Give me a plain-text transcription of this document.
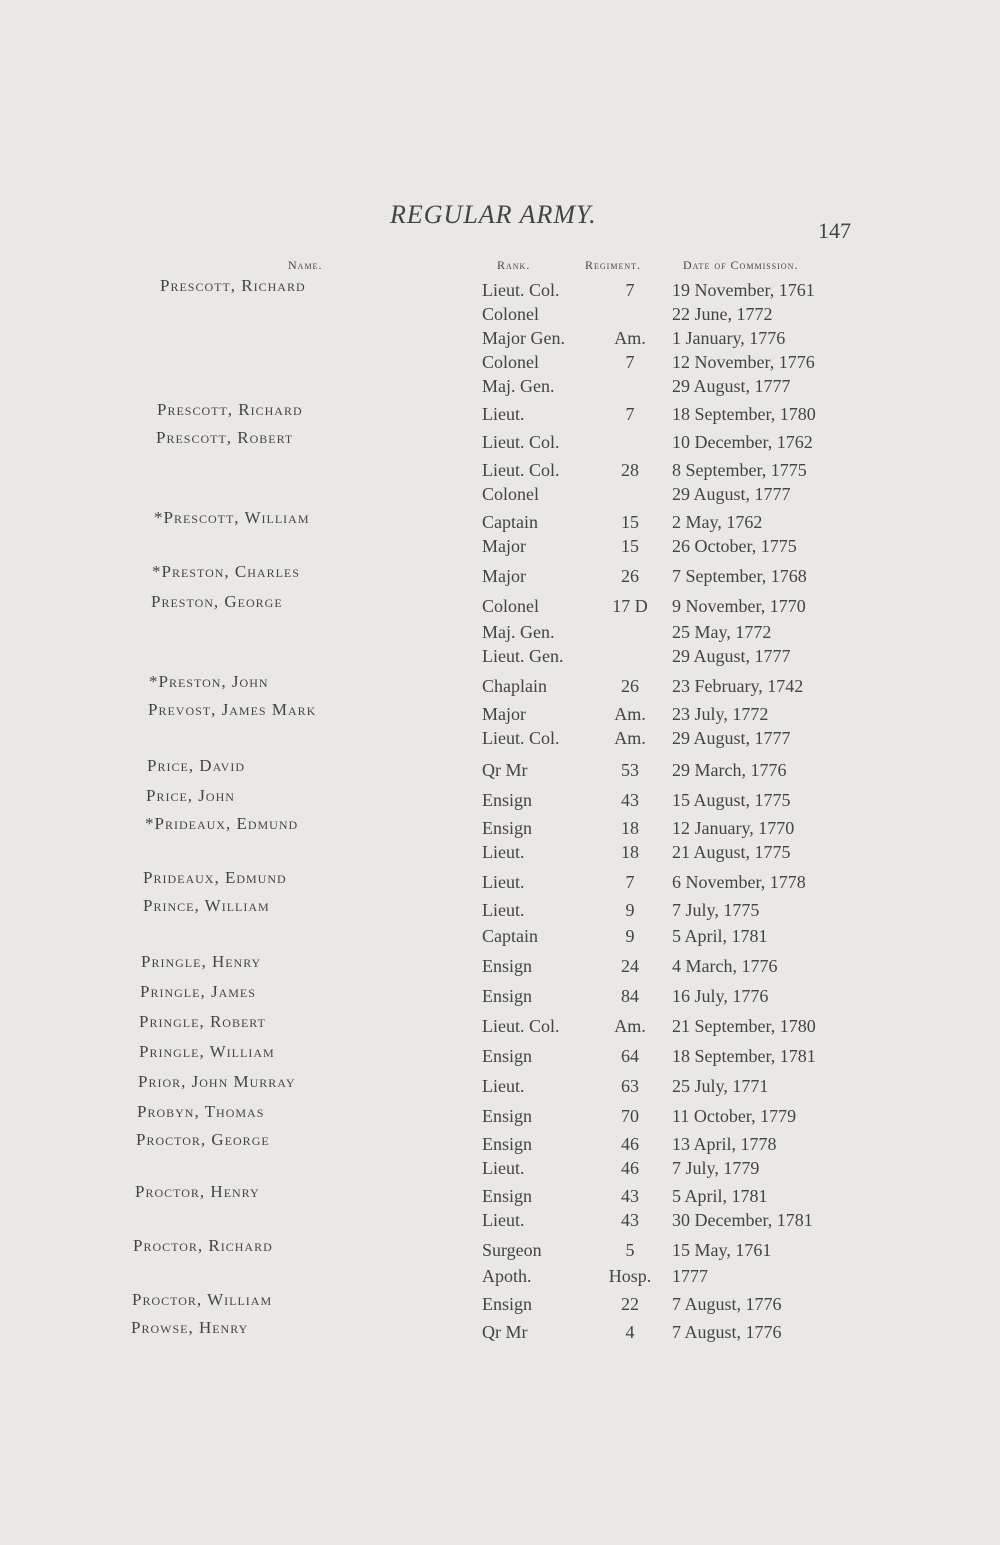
REGULAR ARMY.
147
Name.	Rank.	Regiment.	Date of Commission.
Prescott, Richard	Lieut. Col.	7	19 November, 1761
Colonel	22 June, 1772
Major Gen.	Am.	1 January, 1776
Colonel	7	12 November, 1776
Maj. Gen.	29 August, 1777
Prescott, Richard	Lieut.	7	18 September, 1780
Prescott, Robert	Lieut. Col.	10 December, 1762
Lieut. Col.	28	8 September, 1775
Colonel	29 August, 1777
*Prescott, William	Captain	15	2 May, 1762
Major	15	26 October, 1775
*Preston, Charles	Major	26	7 September, 1768
Preston, George	Colonel	17 D	9 November, 1770
Maj. Gen.	25 May, 1772
Lieut. Gen.	29 August, 1777
*Preston, John	Chaplain	26	23 February, 1742
Prevost, James Mark	Major	Am.	23 July, 1772
Lieut. Col.	Am.	29 August, 1777
Price, David	Qr Mr	53	29 March, 1776
Price, John	Ensign	43	15 August, 1775
*Prideaux, Edmund	Ensign	18	12 January, 1770
Lieut.	18	21 August, 1775
Prideaux, Edmund	Lieut.	7	6 November, 1778
Prince, William	Lieut.	9	7 July, 1775
Captain	9	5 April, 1781
Pringle, Henry	Ensign	24	4 March, 1776
Pringle, James	Ensign	84	16 July, 1776
Pringle, Robert	Lieut. Col.	Am.	21 September, 1780
Pringle, William	Ensign	64	18 September, 1781
Prior, John Murray	Lieut.	63	25 July, 1771
Probyn, Thomas	Ensign	70	11 October, 1779
Proctor, George	Ensign	46	13 April, 1778
Lieut.	46	7 July, 1779
Proctor, Henry	Ensign	43	5 April, 1781
Lieut.	43	30 December, 1781
Proctor, Richard	Surgeon	5	15 May, 1761
Apoth.	Hosp.	1777
Proctor, William	Ensign	22	7 August, 1776
Prowse, Henry	Qr Mr	4	7 August, 1776
